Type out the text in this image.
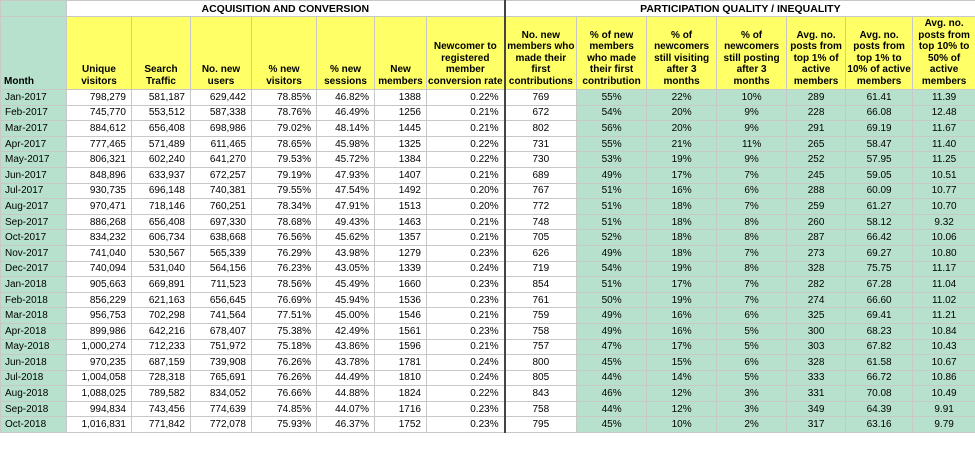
	ACQUISITION AND CONVERSION							PARTICIPATION QUALITY / INEQUALITY						
Month	Unique visitors	Search Traffic	No. new users	% new visitors	% new sessions	New members	Newcomer to registered member conversion rate	No. new members who made their first contributions	% of new members who made their first contribution	% of newcomers still visiting after 3 months	% of newcomers still posting after 3 months	Avg. no. posts from top 1% of active members	Avg. no. posts from top 1% to 10% of active members	Avg. no. posts from top 10% to 50% of active members
Jan-2017	798,279	581,187	629,442	78.85%	46.82%	1388	0.22%	769	55%	22%	10%	289	61.41	11.39
Feb-2017	745,770	553,512	587,338	78.76%	46.49%	1256	0.21%	672	54%	20%	9%	228	66.08	12.48
Mar-2017	884,612	656,408	698,986	79.02%	48.14%	1445	0.21%	802	56%	20%	9%	291	69.19	11.67
Apr-2017	777,465	571,489	611,465	78.65%	45.98%	1325	0.22%	731	55%	21%	11%	265	58.47	11.40
May-2017	806,321	602,240	641,270	79.53%	45.72%	1384	0.22%	730	53%	19%	9%	252	57.95	11.25
Jun-2017	848,896	633,937	672,257	79.19%	47.93%	1407	0.21%	689	49%	17%	7%	245	59.05	10.51
Jul-2017	930,735	696,148	740,381	79.55%	47.54%	1492	0.20%	767	51%	16%	6%	288	60.09	10.77
Aug-2017	970,471	718,146	760,251	78.34%	47.91%	1513	0.20%	772	51%	18%	7%	259	61.27	10.70
Sep-2017	886,268	656,408	697,330	78.68%	49.43%	1463	0.21%	748	51%	18%	8%	260	58.12	9.32
Oct-2017	834,232	606,734	638,668	76.56%	45.62%	1357	0.21%	705	52%	18%	8%	287	66.42	10.06
Nov-2017	741,040	530,567	565,339	76.29%	43.98%	1279	0.23%	626	49%	18%	7%	273	69.27	10.80
Dec-2017	740,094	531,040	564,156	76.23%	43.05%	1339	0.24%	719	54%	19%	8%	328	75.75	11.17
Jan-2018	905,663	669,891	711,523	78.56%	45.49%	1660	0.23%	854	51%	17%	7%	282	67.28	11.04
Feb-2018	856,229	621,163	656,645	76.69%	45.94%	1536	0.23%	761	50%	19%	7%	274	66.60	11.02
Mar-2018	956,753	702,298	741,564	77.51%	45.00%	1546	0.21%	759	49%	16%	6%	325	69.41	11.21
Apr-2018	899,986	642,216	678,407	75.38%	42.49%	1561	0.23%	758	49%	16%	5%	300	68.23	10.84
May-2018	1,000,274	712,233	751,972	75.18%	43.86%	1596	0.21%	757	47%	17%	5%	303	67.82	10.43
Jun-2018	970,235	687,159	739,908	76.26%	43.78%	1781	0.24%	800	45%	15%	6%	328	61.58	10.67
Jul-2018	1,004,058	728,318	765,691	76.26%	44.49%	1810	0.24%	805	44%	14%	5%	333	66.72	10.86
Aug-2018	1,088,025	789,582	834,052	76.66%	44.88%	1824	0.22%	843	46%	12%	3%	331	70.08	10.49
Sep-2018	994,834	743,456	774,639	74.85%	44.07%	1716	0.23%	758	44%	12%	3%	349	64.39	9.91
Oct-2018	1,016,831	771,842	772,078	75.93%	46.37%	1752	0.23%	795	45%	10%	2%	317	63.16	9.79
